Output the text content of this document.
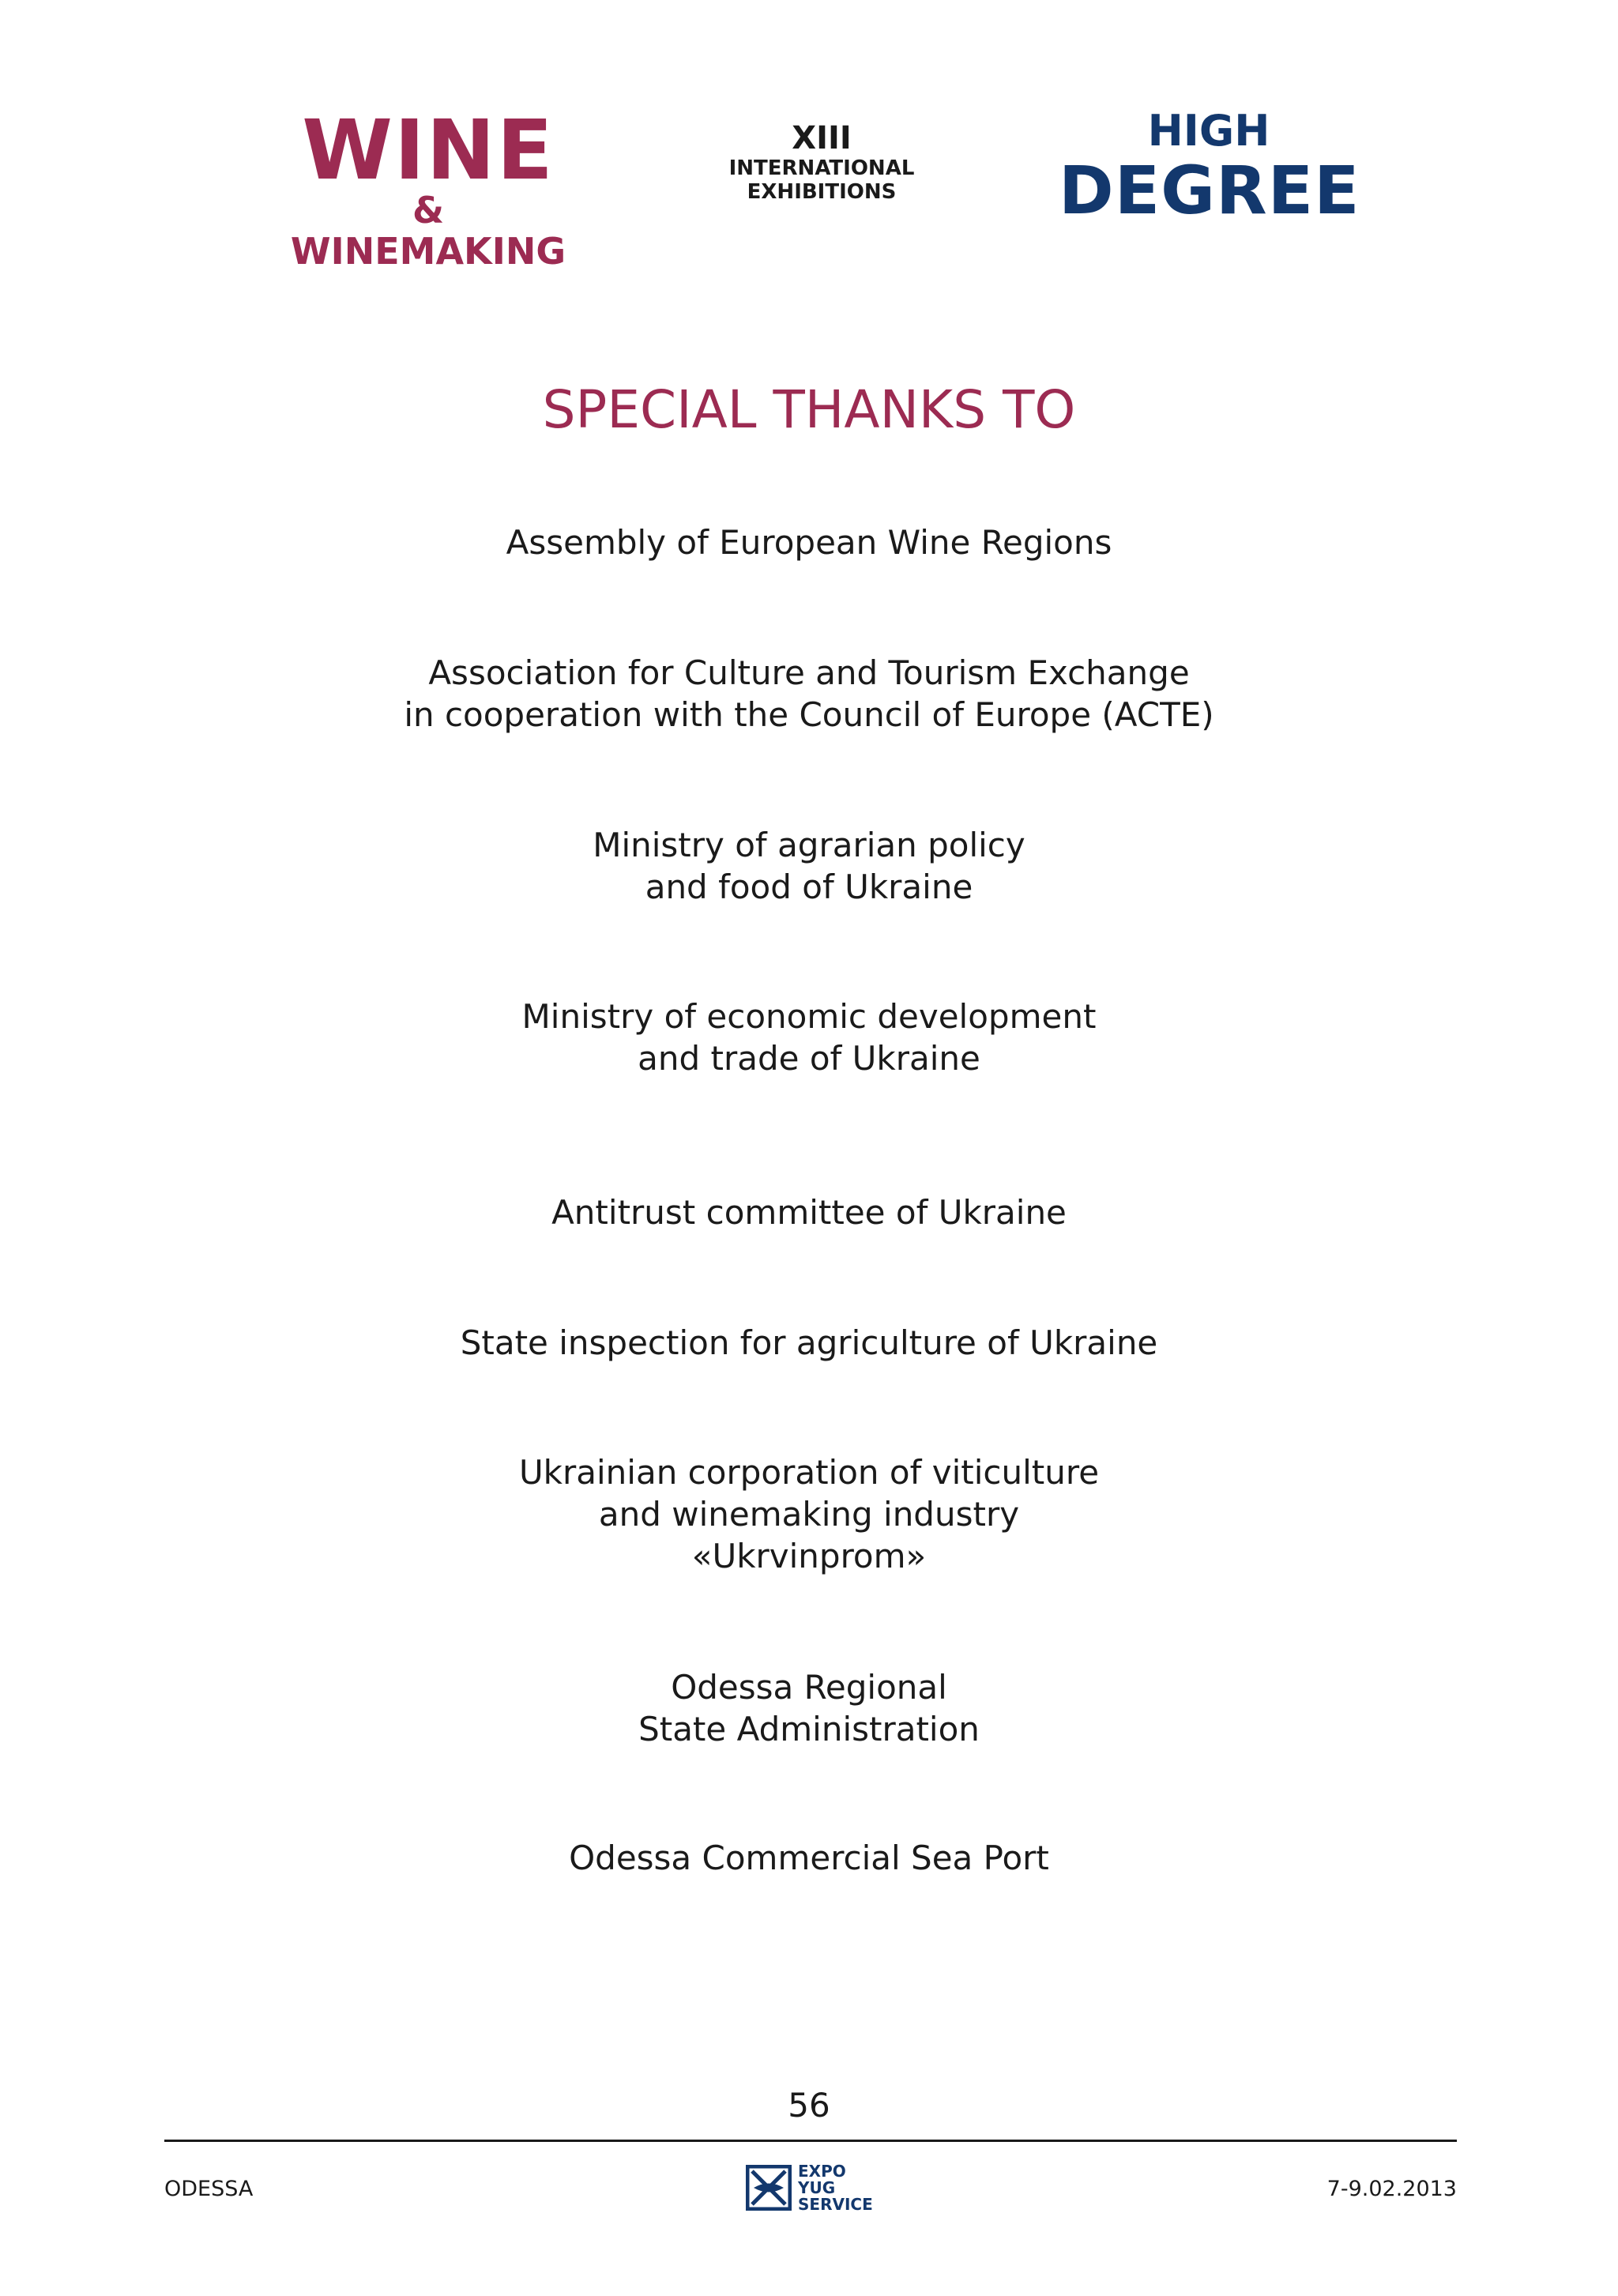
WINE
& WINEMAKING
XIII
INTERNATIONAL
EXHIBITIONS
HIGH
DEGREE
SPECIAL THANKS TO
Assembly of European Wine Regions
Association for Culture and Tourism Exchange
in cooperation with the Council of Europe (ACTE)
Ministry of agrarian policy
and food of Ukraine
Ministry of economic development
and trade of Ukraine
Antitrust committee of Ukraine
State inspection for agriculture of Ukraine
Ukrainian corporation of viticulture
and winemaking industry
«Ukrvinprom»
Odessa Regional
State Administration
Odessa Commercial Sea Port
56
ODESSA
EXPO
YUG
SERVICE
7-9.02.2013
